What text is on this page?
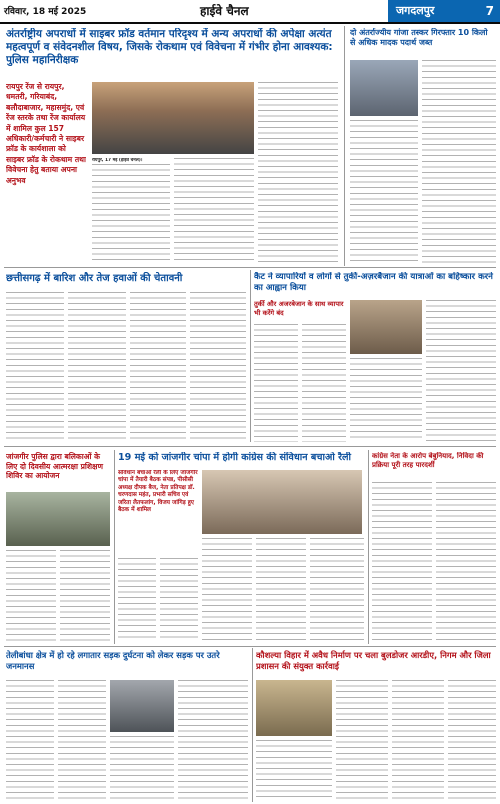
रविवार, 18 मई 2025	हाईवे चैनल	जगदलपुर	7
अंतर्राष्ट्रीय अपराधों में साइबर फ्रॉड वर्तमान परिदृश्य में अन्य अपराधों की अपेक्षा अत्यंत महत्वपूर्ण व संवेदनशील विषय, जिसके रोकथाम एवं विवेचना में गंभीर होना आवश्यक: पुलिस महानिरीक्षक
रायपुर रेंज से रायपुर, धमतरी, गरियाबंद, बलौदाबाजार, महासमुंद, एवं रेंज स्तरके तथा रेंज कार्यालय में शामिल कुल 157 अधिकारी/कर्मचारी ने साइबर फ्रॉड के कार्यशाला को साइबर फ्रॉड के रोकथाम तथा विवेचना हेतु बताया अपना अनुभव
रायपुर, 17 मई (हाईवे चैनल)।
दो अंतर्राज्यीय गांजा तस्कर गिरफ्तार 10 किलो से अधिक मादक पदार्थ जब्त
छत्तीसगढ़ में बारिश और तेज हवाओं की चेतावनी	कैट ने व्यापारियों व लोगों से तुर्की-अज़रबैजान की यात्राओं का बहिष्कार करने का आह्वान किया
तुर्की और अजरबेजान के साथ व्यापार भी करेंगे बंद
जांजगीर पुलिस द्वारा बलिकाओं के लिए दो दिवसीय आत्मरक्षा प्रशिक्षण शिविर का आयोजन
19 मई को जांजगीर चांपा में होगी कांग्रेस की संविधान बचाओ रैली
संविधान बचाओ रैली के लिए जांजगीर चांपा में तैयारी बैठक संपन्न, पीसीसी अध्यक्ष दीपक बैज, नेता प्रतिपक्ष डॉ. चरणदास महंत, प्रभारी सचिव एवं जरिता लैतफलांग, विजय जांगिड़ हुए बैठक में शामिल
कांग्रेस नेता के आरोप बेबुनियाद, निविदा की प्रक्रिया पूरी तरह पारदर्शी
तेलीबांधा क्षेत्र में हो रहे लगातार सड़क दुर्घटना को लेकर सड़क पर उतरे जनमानस
कौशल्या विहार में अवैध निर्माण पर चला बुलडोजर आरडीए, निगम और जिला प्रशासन की संयुक्त कार्रवाई
